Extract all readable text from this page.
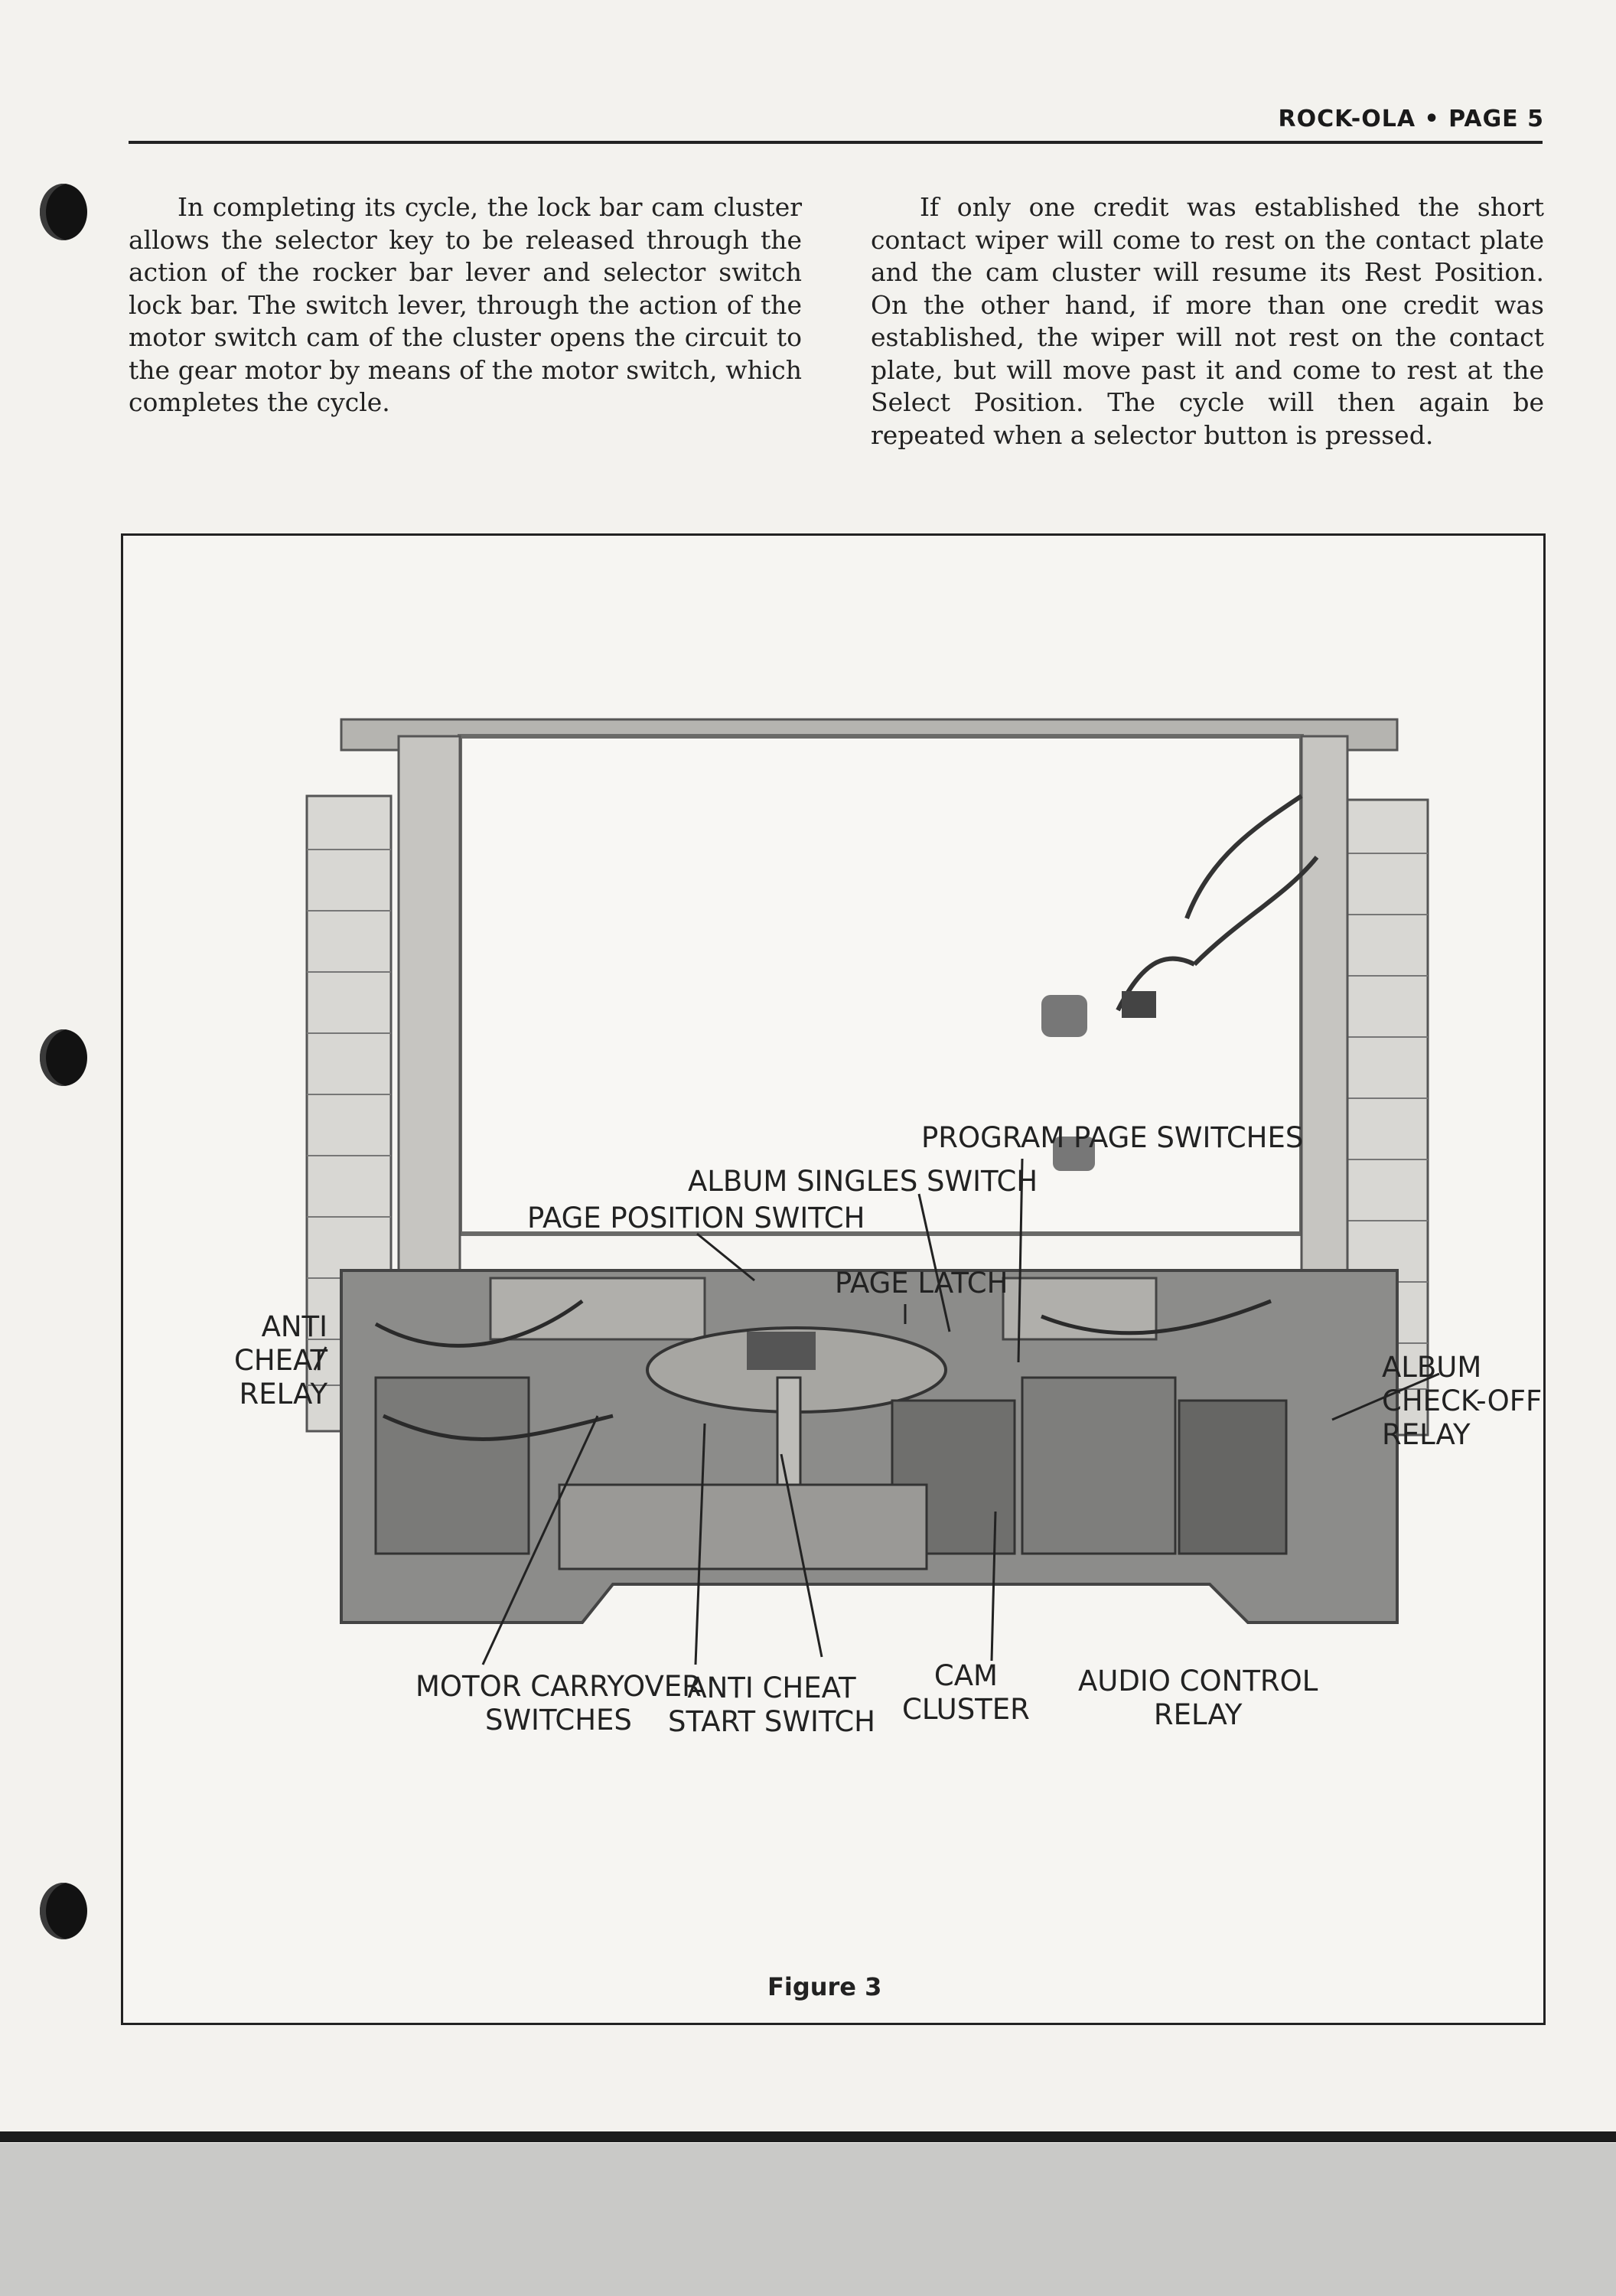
ROCK-OLA • PAGE 5

In completing its cycle, the lock bar cam cluster allows the selector key to be released through the action of the rocker bar lever and selector switch lock bar. The switch lever, through the action of the motor switch cam of the cluster opens the circuit to the gear motor by means of the motor switch, which completes the cycle.

If only one credit was established the short contact wiper will come to rest on the contact plate and the cam cluster will resume its Rest Position. On the other hand, if more than one credit was established, the wiper will not rest on the contact plate, but will move past it and come to rest at the Select Position. The cycle will then again be repeated when a selector button is pressed.

PROGRAM PAGE SWITCHES
ALBUM SINGLES SWITCH
PAGE POSITION SWITCH
PAGE LATCH
ANTI
CHEAT
RELAY
ALBUM
CHECK-OFF
RELAY
MOTOR CARRYOVER
SWITCHES
ANTI CHEAT
START SWITCH
CAM
CLUSTER
AUDIO CONTROL
RELAY
Figure 3
